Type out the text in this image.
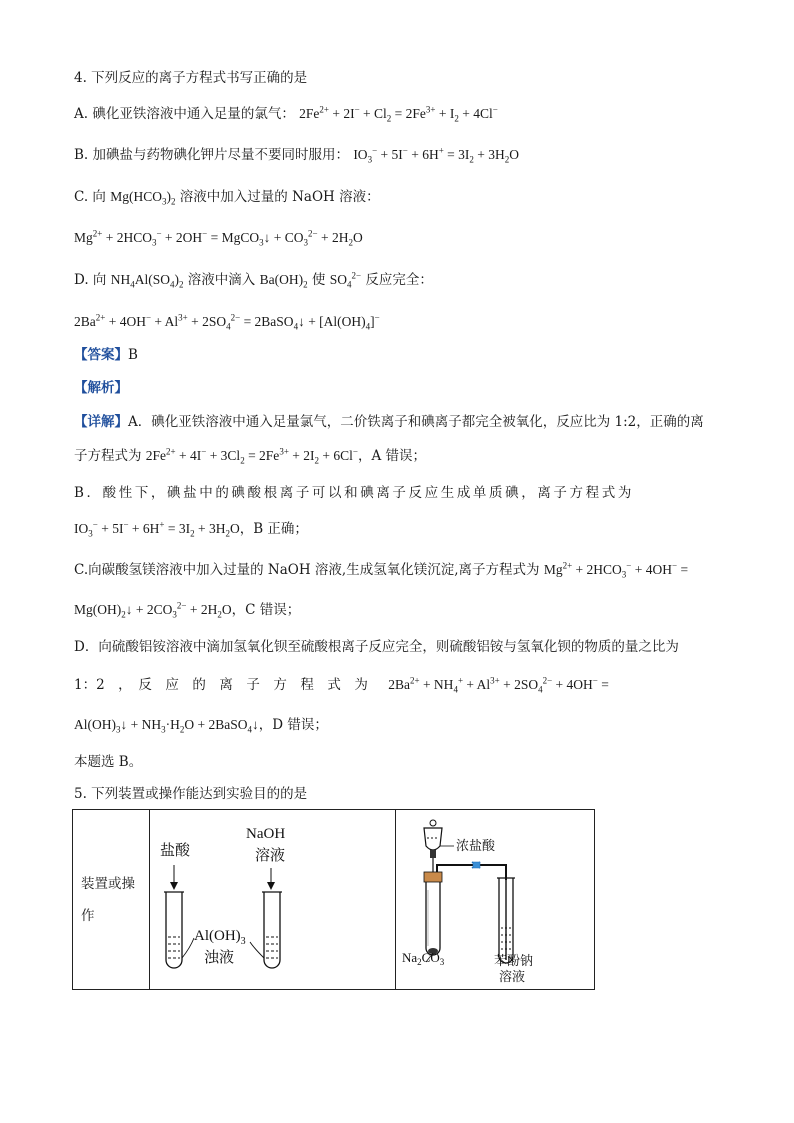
4. 下列反应的离子方程式书写正确的是
A. 碘化亚铁溶液中通入足量的氯气： $2Fe^{2+} + 2I^- + Cl_2 = 2Fe^{3+} + I_2 + 4Cl^-$
B. 加碘盐与药物碘化钾片尽量不要同时服用： $IO_3^- + 5I^- + 6H^+ = 3I_2 + 3H_2O$
C. 向 $Mg(HCO_3)_2$ 溶液中加入过量的 NaOH 溶液：
$Mg^{2+} + 2HCO_3^- + 2OH^-$ = MgCO$_3$↓ + $CO_3^{2-} + 2H_2O$
D. 向 $NH_4Al(SO_4)_2$ 溶液中滴入 $Ba(OH)_2$ 使 $SO_4^{2-}$ 反应完全：
$2Ba^{2+} + 4OH^- + Al^{3+} + 2SO_4^{2-}$ = 2BaSO$_4$↓ + $[Al(OH)_4]^-$
【答案】B
【解析】
【详解】A．碘化亚铁溶液中通入足量氯气，二价铁离子和碘离子都完全被氧化，反应比为 1:2，正确的离
子方程式为 $2Fe^{2+} + 4I^- + 3Cl_2 = 2Fe^{3+} + 2I_2 + 6Cl^-$，A 错误；
B．酸性下，碘盐中的碘酸根离子可以和碘离子反应生成单质碘，离子方程式为
$IO_3^- + 5I^- + 6H^+ = 3I_2 + 3H_2O$，B 正确；
C.向碳酸氢镁溶液中加入过量的 NaOH 溶液,生成氢氧化镁沉淀,离子方程式为 $Mg^{2+} + 2HCO_3^- + 4OH^-$ =
$Mg(OH)_2↓ + 2CO_3^{2-} + 2H_2O$，C 错误；
D．向硫酸铝铵溶液中滴加氢氧化钡至硫酸根离子反应完全，则硫酸铝铵与氢氧化钡的物质的量之比为
1：2　，　反　应　的　离　子　方　程　式　为 $2Ba^{2+} + NH_4^+ + Al^{3+} + 2SO_4^{2-} + 4OH^-$ =
$Al(OH)_3↓ + NH_3\cdot H_2O$ + 2BaSO$_4$↓，D 错误；
本题选 B。
5. 下列装置或操作能达到实验目的的是
装置或操作

盐酸
NaOH
溶液
$Al(OH)_3$
浊液

浓盐酸
$Na_2CO_3$	苯酚钠
溶液
